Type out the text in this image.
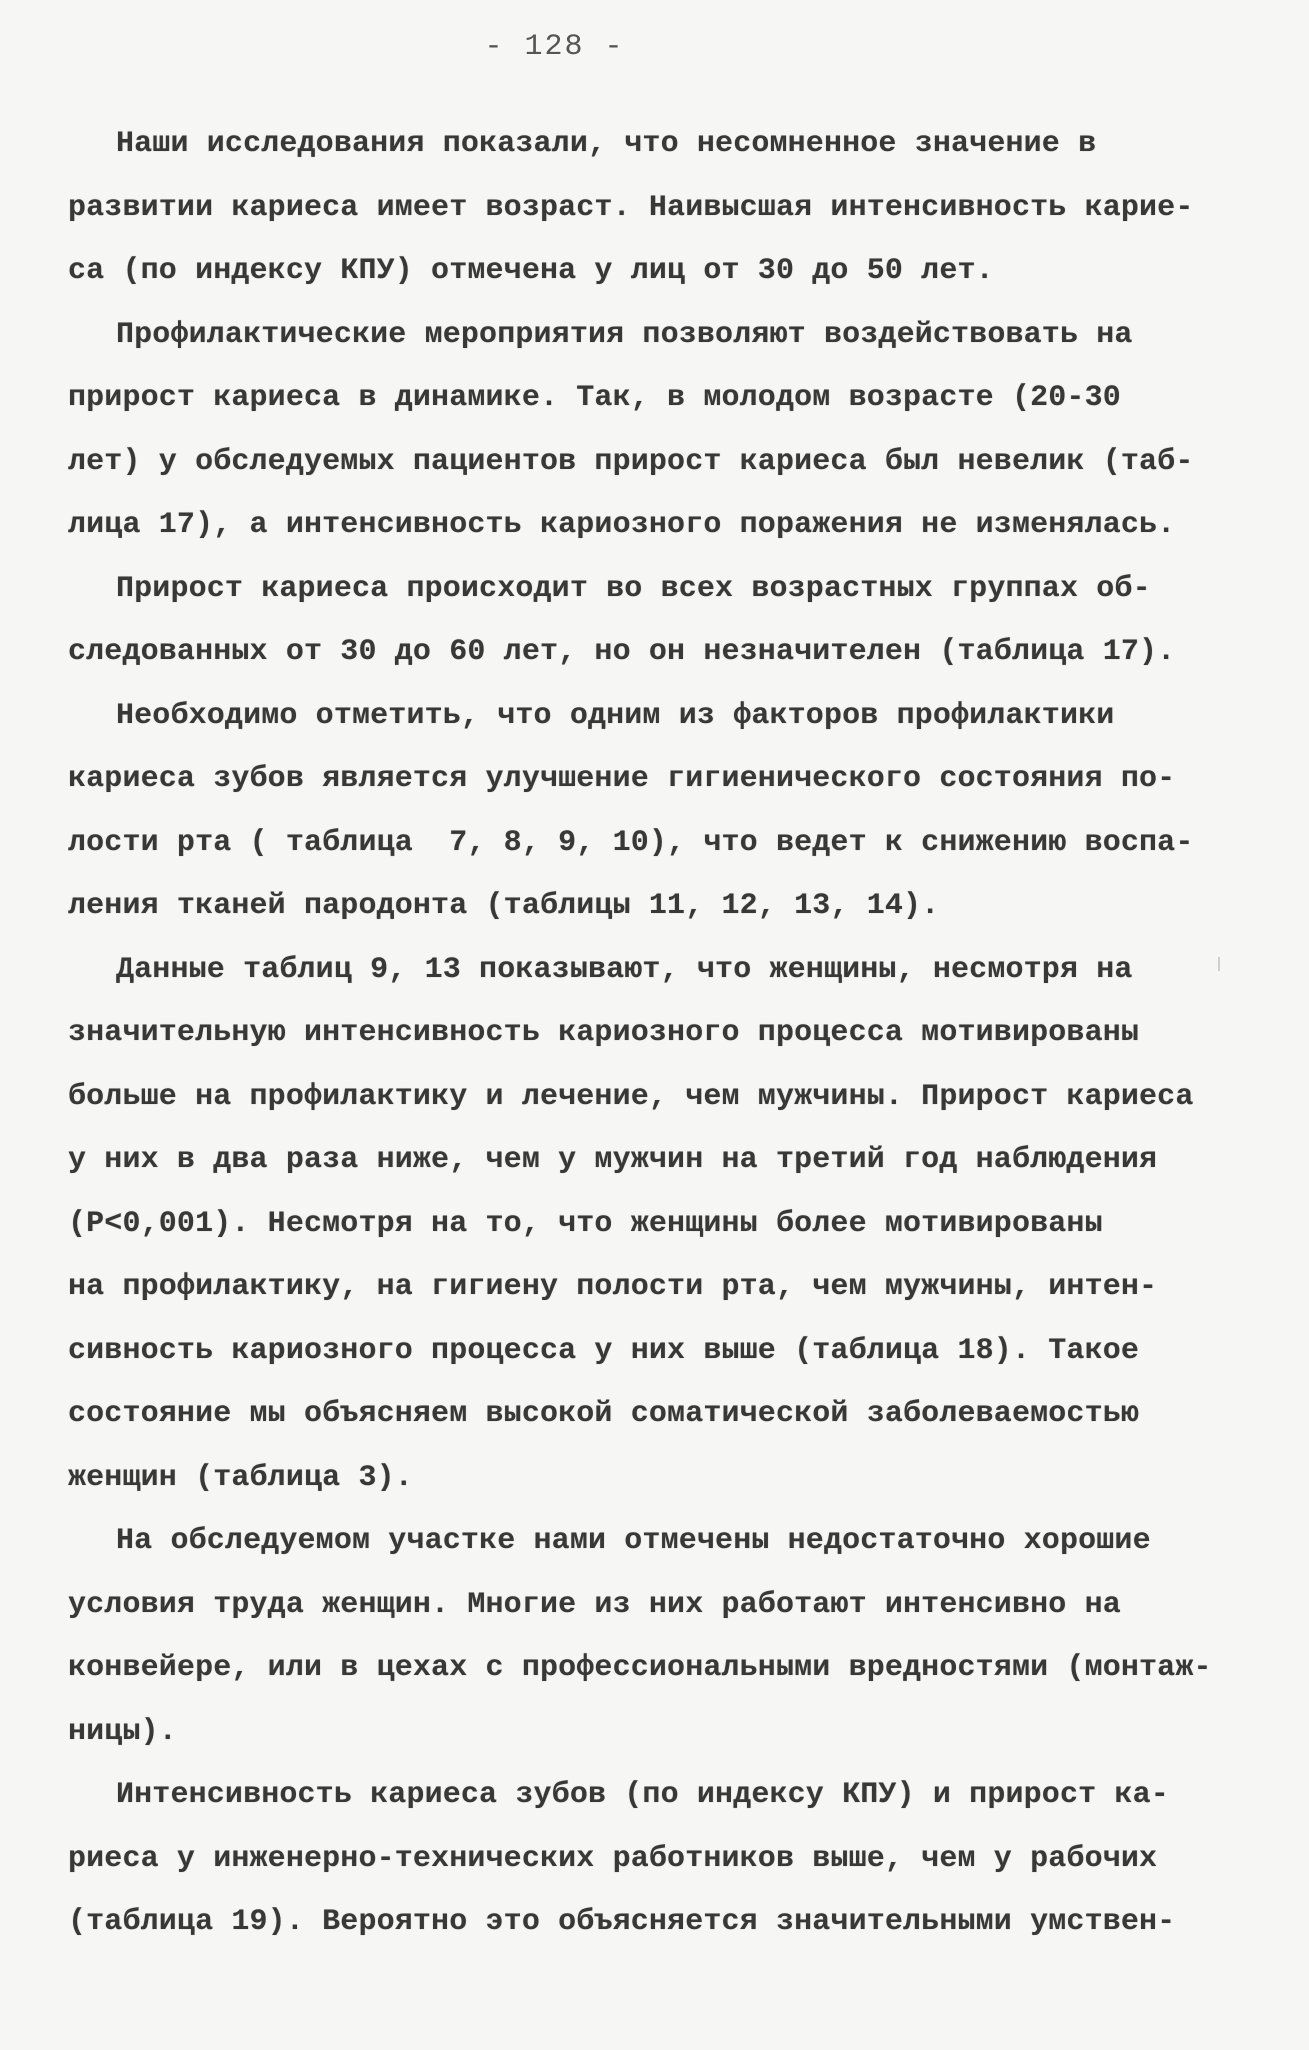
- 128 -
Наши исследования показали, что несомненное значение в
развитии кариеса имеет возраст. Наивысшая интенсивность карие-
са (по индексу КПУ) отмечена у лиц от 30 до 50 лет.
Профилактические мероприятия позволяют воздействовать на
прирост кариеса в динамике. Так, в молодом возрасте (20-30
лет) у обследуемых пациентов прирост кариеса был невелик (таб-
лица 17), а интенсивность кариозного поражения не изменялась.
Прирост кариеса происходит во всех возрастных группах об-
следованных от 30 до 60 лет, но он незначителен (таблица 17).
Необходимо отметить, что одним из факторов профилактики
кариеса зубов является улучшение гигиенического состояния по-
лости рта ( таблица  7, 8, 9, 10), что ведет к снижению воспа-
ления тканей пародонта (таблицы 11, 12, 13, 14).
Данные таблиц 9, 13 показывают, что женщины, несмотря на
значительную интенсивность кариозного процесса мотивированы
больше на профилактику и лечение, чем мужчины. Прирост кариеса
у них в два раза ниже, чем у мужчин на третий год наблюдения
(P<0,001). Несмотря на то, что женщины более мотивированы
на профилактику, на гигиену полости рта, чем мужчины, интен-
сивность кариозного процесса у них выше (таблица 18). Такое
состояние мы объясняем высокой соматической заболеваемостью
женщин (таблица 3).
На обследуемом участке нами отмечены недостаточно хорошие
условия труда женщин. Многие из них работают интенсивно на
конвейере, или в цехах с профессиональными вредностями (монтаж-
ницы).
Интенсивность кариеса зубов (по индексу КПУ) и прирост ка-
риеса у инженерно-технических работников выше, чем у рабочих
(таблица 19). Вероятно это объясняется значительными умствен-
